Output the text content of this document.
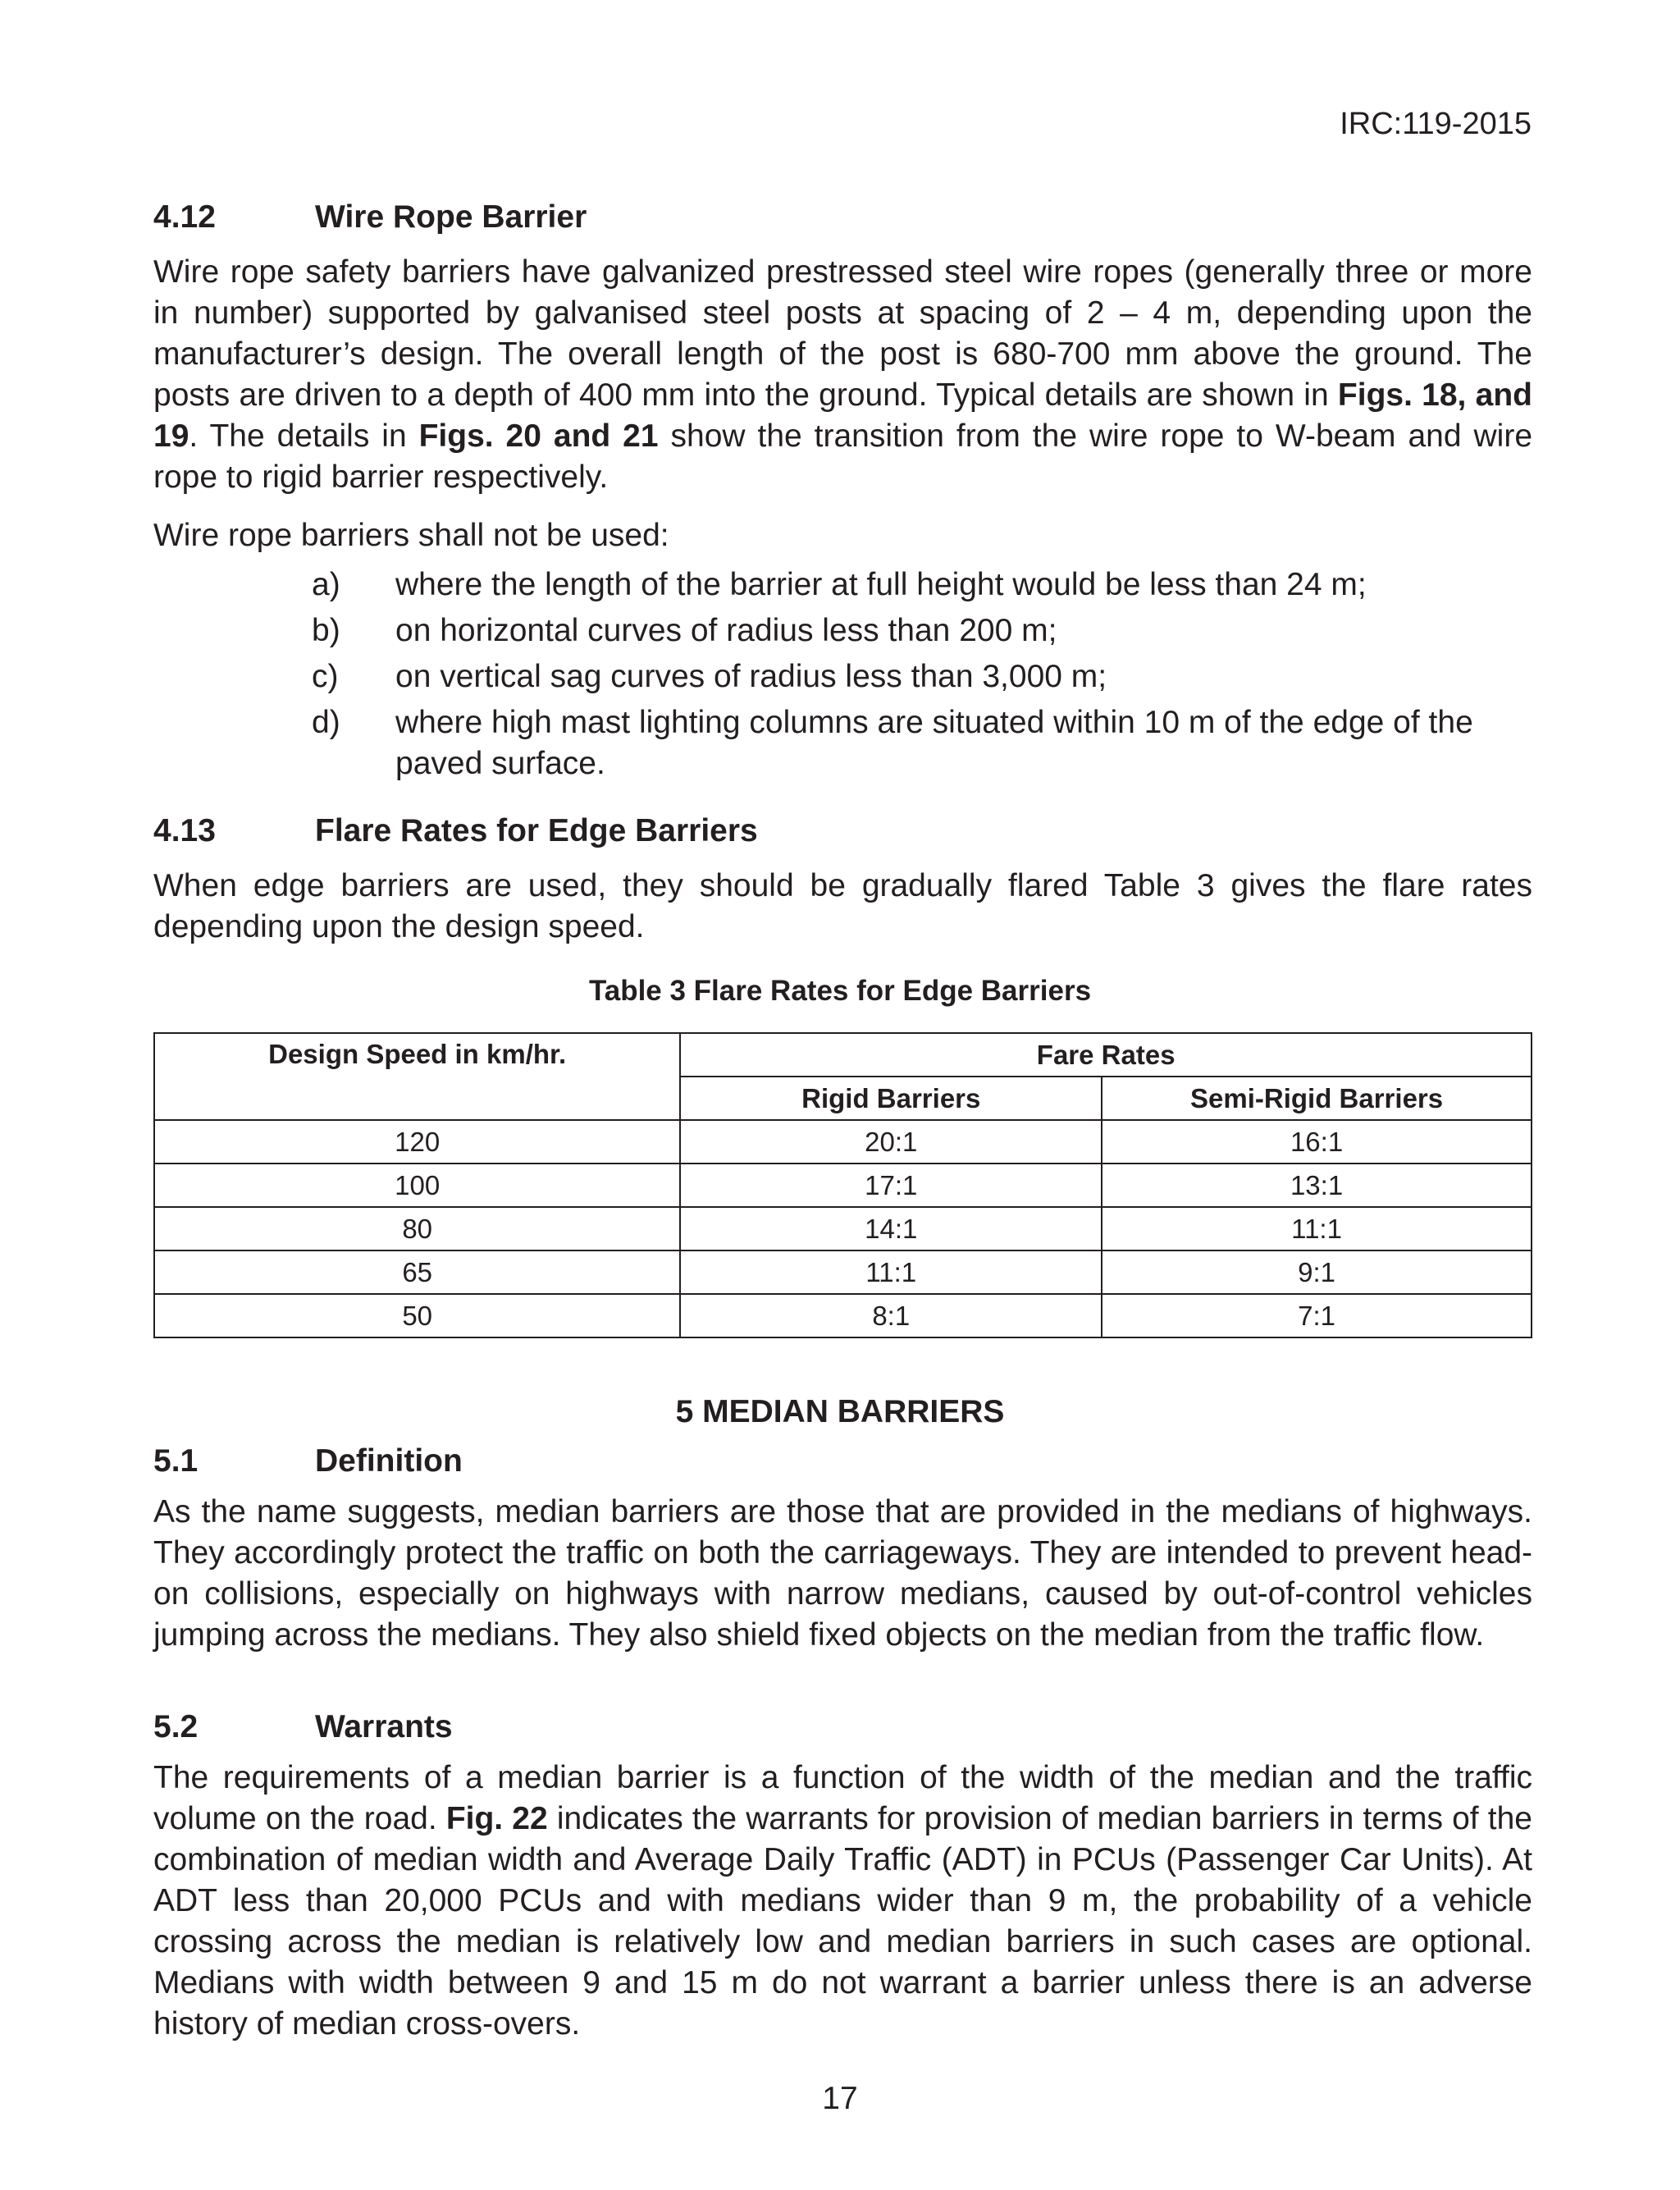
IRC:119-2015
4.12	Wire Rope Barrier

Wire rope safety barriers have galvanized prestressed steel wire ropes (generally three or more in number) supported by galvanised steel posts at spacing of 2 – 4 m, depending upon the manufacturer’s design. The overall length of the post is 680-700 mm above the ground. The posts are driven to a depth of 400 mm into the ground. Typical details are shown in Figs. 18, and 19. The details in Figs. 20 and 21 show the transition from the wire rope to W-beam and wire rope to rigid barrier respectively.

Wire rope barriers shall not be used:

a) where the length of the barrier at full height would be less than 24 m;
b) on horizontal curves of radius less than 200 m;
c) on vertical sag curves of radius less than 3,000 m;
d) where high mast lighting columns are situated within 10 m of the edge of the paved surface.
4.13	Flare Rates for Edge Barriers

When edge barriers are used, they should be gradually flared Table 3 gives the flare rates depending upon the design speed.

Table 3 Flare Rates for Edge Barriers
Design Speed in km/hr.	Fare Rates	
	Rigid Barriers	Semi-Rigid Barriers
120	20:1	16:1
100	17:1	13:1
80	14:1	11:1
65	11:1	9:1
50	8:1	7:1
5 MEDIAN BARRIERS
5.1	Definition

As the name suggests, median barriers are those that are provided in the medians of highways. They accordingly protect the traffic on both the carriageways. They are intended to prevent head-on collisions, especially on highways with narrow medians, caused by out-of-control vehicles jumping across the medians. They also shield fixed objects on the median from the traffic flow.

5.2	Warrants

The requirements of a median barrier is a function of the width of the median and the traffic volume on the road. Fig. 22 indicates the warrants for provision of median barriers in terms of the combination of median width and Average Daily Traffic (ADT) in PCUs (Passenger Car Units). At ADT less than 20,000 PCUs and with medians wider than 9 m, the probability of a vehicle crossing across the median is relatively low and median barriers in such cases are optional. Medians with width between 9 and 15 m do not warrant a barrier unless there is an adverse history of median cross-overs.

17
